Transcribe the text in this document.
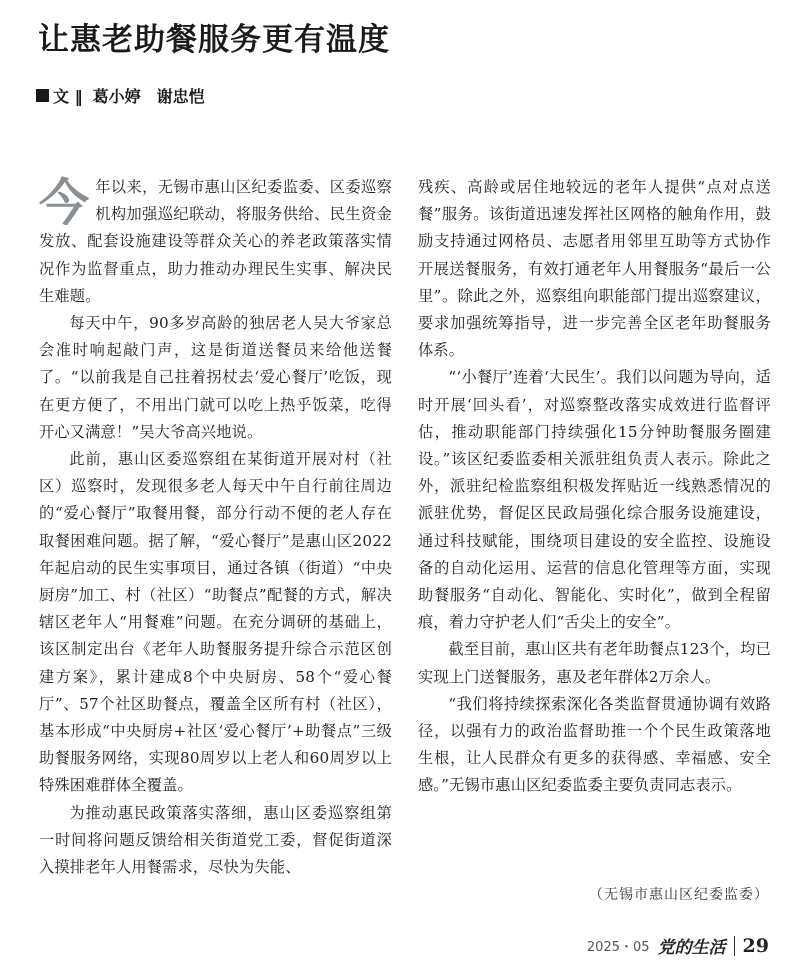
让惠老助餐服务更有温度
文 ‖ 葛小婷　谢忠恺

今年以来，无锡市惠山区纪委监委、区委巡察机构加强巡纪联动，将服务供给、民生资金发放、配套设施建设等群众关心的养老政策落实情况作为监督重点，助力推动办理民生实事、解决民生难题。

每天中午，90多岁高龄的独居老人吴大爷家总会准时响起敲门声，这是街道送餐员来给他送餐了。“以前我是自己拄着拐杖去‘爱心餐厅’吃饭，现在更方便了，不用出门就可以吃上热乎饭菜，吃得开心又满意！”吴大爷高兴地说。

此前，惠山区委巡察组在某街道开展对村（社区）巡察时，发现很多老人每天中午自行前往周边的“爱心餐厅”取餐用餐，部分行动不便的老人存在取餐困难问题。据了解，“爱心餐厅”是惠山区2022年起启动的民生实事项目，通过各镇（街道）“中央厨房”加工、村（社区）“助餐点”配餐的方式，解决辖区老年人“用餐难”问题。在充分调研的基础上，该区制定出台《老年人助餐服务提升综合示范区创建方案》，累计建成8个中央厨房、58个“爱心餐厅”、57个社区助餐点，覆盖全区所有村（社区），基本形成“中央厨房+社区‘爱心餐厅’+助餐点”三级助餐服务网络，实现80周岁以上老人和60周岁以上特殊困难群体全覆盖。

为推动惠民政策落实落细，惠山区委巡察组第一时间将问题反馈给相关街道党工委，督促街道深入摸排老年人用餐需求，尽快为失能、

残疾、高龄或居住地较远的老年人提供“点对点送餐”服务。该街道迅速发挥社区网格的触角作用，鼓励支持通过网格员、志愿者用邻里互助等方式协作开展送餐服务，有效打通老年人用餐服务“最后一公里”。除此之外，巡察组向职能部门提出巡察建议，要求加强统筹指导，进一步完善全区老年助餐服务体系。

“‘小餐厅’连着‘大民生’。我们以问题为导向，适时开展‘回头看’，对巡察整改落实成效进行监督评估，推动职能部门持续强化15分钟助餐服务圈建设。”该区纪委监委相关派驻组负责人表示。除此之外，派驻纪检监察组积极发挥贴近一线熟悉情况的派驻优势，督促区民政局强化综合服务设施建设，通过科技赋能，围绕项目建设的安全监控、设施设备的自动化运用、运营的信息化管理等方面，实现助餐服务“自动化、智能化、实时化”，做到全程留痕，着力守护老人们“舌尖上的安全”。

截至目前，惠山区共有老年助餐点123个，均已实现上门送餐服务，惠及老年群体2万余人。

“我们将持续探索深化各类监督贯通协调有效路径，以强有力的政治监督助推一个个民生政策落地生根，让人民群众有更多的获得感、幸福感、安全感。”无锡市惠山区纪委监委主要负责同志表示。

（无锡市惠山区纪委监委）
2025・05 党的生活 29
